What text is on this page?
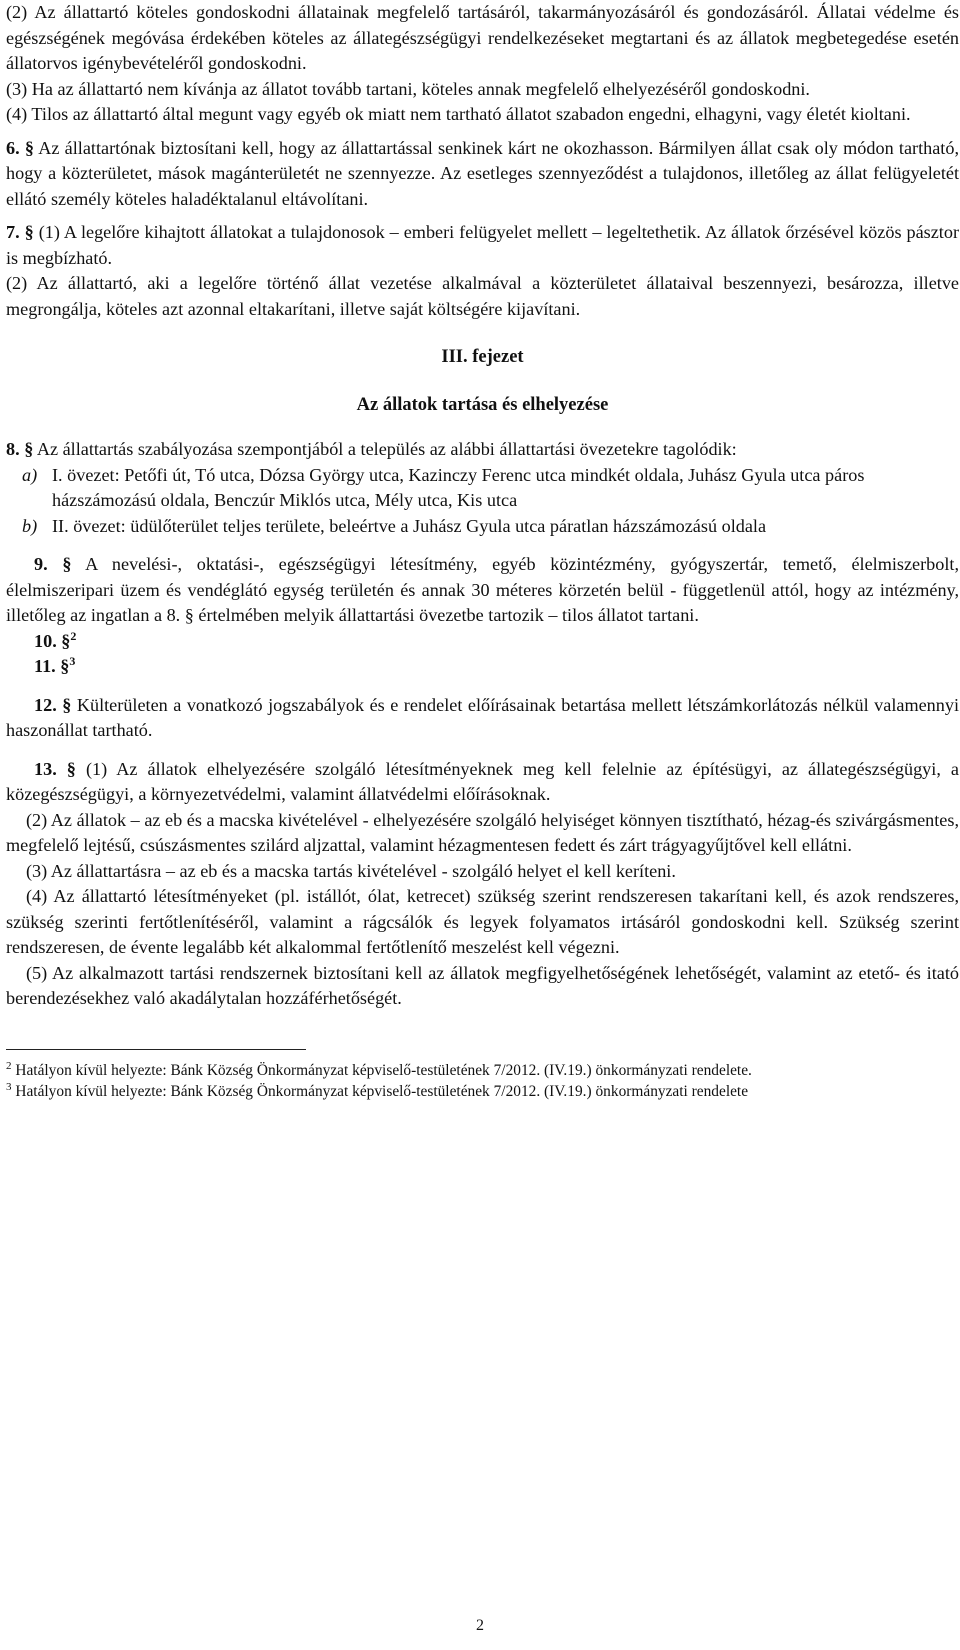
(2) Az állattartó köteles gondoskodni állatainak megfelelő tartásáról, takarmányozásáról és gondozásáról. Állatai védelme és egészségének megóvása érdekében köteles az állategészségügyi rendelkezéseket megtartani és az állatok megbetegedése esetén állatorvos igénybevételéről gondoskodni.

(3) Ha az állattartó nem kívánja az állatot tovább tartani, köteles annak megfelelő elhelyezéséről gondoskodni.

(4) Tilos az állattartó által megunt vagy egyéb ok miatt nem tartható állatot szabadon engedni, elhagyni, vagy életét kioltani.

6. § Az állattartónak biztosítani kell, hogy az állattartással senkinek kárt ne okozhasson. Bármilyen állat csak oly módon tartható, hogy a közterületet, mások magánterületét ne szennyezze. Az esetleges szennyeződést a tulajdonos, illetőleg az állat felügyeletét ellátó személy köteles haladéktalanul eltávolítani.

7. § (1) A legelőre kihajtott állatokat a tulajdonosok – emberi felügyelet mellett – legeltethetik. Az állatok őrzésével közös pásztor is megbízható.

(2) Az állattartó, aki a legelőre történő állat vezetése alkalmával a közterületet állataival beszennyezi, besározza, illetve megrongálja, köteles azt azonnal eltakarítani, illetve saját költségére kijavítani.

III. fejezet

Az állatok tartása és elhelyezése

8. § Az állattartás szabályozása szempontjából a település az alábbi állattartási övezetekre tagolódik:

a) I. övezet: Petőfi út, Tó utca, Dózsa György utca, Kazinczy Ferenc utca mindkét oldala, Juhász Gyula utca páros házszámozású oldala, Benczúr Miklós utca, Mély utca, Kis utca

b) II. övezet: üdülőterület teljes területe, beleértve a Juhász Gyula utca páratlan házszámozású oldala

9. § A nevelési-, oktatási-, egészségügyi létesítmény, egyéb közintézmény, gyógyszertár, temető, élelmiszerbolt, élelmiszeripari üzem és vendéglátó egység területén és annak 30 méteres körzetén belül - függetlenül attól, hogy az intézmény, illetőleg az ingatlan a 8. § értelmében melyik állattartási övezetbe tartozik – tilos állatot tartani.

10. §$^2$

11. §$^3$

12. § Külterületen a vonatkozó jogszabályok és e rendelet előírásainak betartása mellett létszámkorlátozás nélkül valamennyi haszonállat tartható.

13. § (1) Az állatok elhelyezésére szolgáló létesítményeknek meg kell felelnie az építésügyi, az állategészségügyi, a közegészségügyi, a környezetvédelmi, valamint állatvédelmi előírásoknak.

(2) Az állatok – az eb és a macska kivételével - elhelyezésére szolgáló helyiséget könnyen tisztítható, hézag-és szivárgásmentes, megfelelő lejtésű, csúszásmentes szilárd aljzattal, valamint hézagmentesen fedett és zárt trágyagyűjtővel kell ellátni.

(3) Az állattartásra – az eb és a macska tartás kivételével - szolgáló helyet el kell keríteni.

(4) Az állattartó létesítményeket (pl. istállót, ólat, ketrecet) szükség szerint rendszeresen takarítani kell, és azok rendszeres, szükség szerinti fertőtlenítéséről, valamint a rágcsálók és legyek folyamatos irtásáról gondoskodni kell. Szükség szerint rendszeresen, de évente legalább két alkalommal fertőtlenítő meszelést kell végezni.

(5) Az alkalmazott tartási rendszernek biztosítani kell az állatok megfigyelhetőségének lehetőségét, valamint az etető- és itató berendezésekhez való akadálytalan hozzáférhetőségét.

$^2$ Hatályon kívül helyezte: Bánk Község Önkormányzat képviselő-testületének 7/2012. (IV.19.) önkormányzati rendelete.

$^3$ Hatályon kívül helyezte: Bánk Község Önkormányzat képviselő-testületének 7/2012. (IV.19.) önkormányzati rendelete

2
